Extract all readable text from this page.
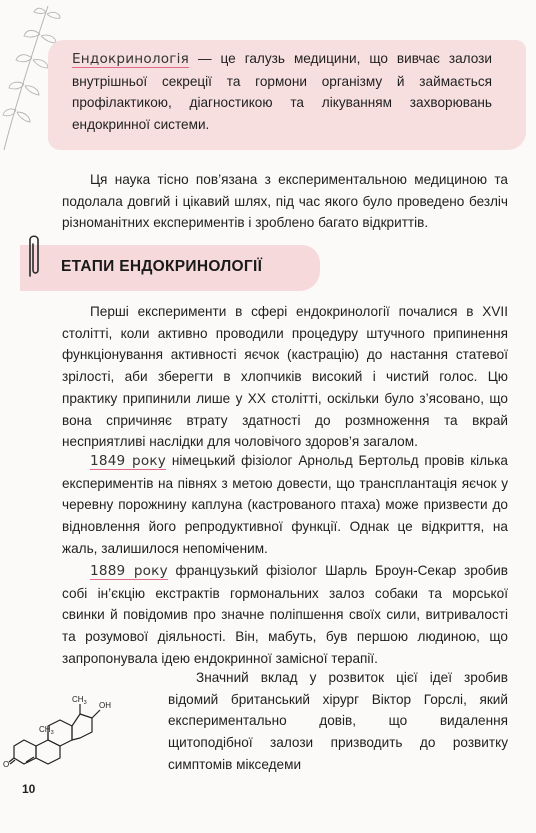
Ендокринологія — це галузь медицини, що вивчає залози внутрішньої секреції та гормони організму й займається профілактикою, діагностикою та лікуванням захворювань ендокринної системи.

Ця наука тісно пов’язана з експериментальною медициною та подолала довгий і цікавий шлях, під час якого було проведено безліч різноманітних експериментів і зроблено багато відкриттів.

ЕТАПИ ЕНДОКРИНОЛОГІЇ

Перші експерименти в сфері ендокринології почалися в XVII столітті, коли активно проводили процедуру штучного припинення функціонування активності яєчок (кастрацію) до настання статевої зрілості, аби зберегти в хлопчиків високий і чистий голос. Цю практику припинили лише у XX столітті, оскільки було з’ясовано, що вона спричиняє втрату здатності до розмноження та вкрай несприятливі наслідки для чоловічого здоров’я загалом.

1849 року німецький фізіолог Арнольд Бертольд провів кілька експериментів на півнях з метою довести, що трансплантація яєчок у черевну порожнину каплуна (кастрованого птаха) може призвести до відновлення його репродуктивної функції. Однак це відкриття, на жаль, залишилося непоміченим.

1889 року французький фізіолог Шарль Броун-Секар зробив собі ін’єкцію екстрактів гормональних залоз собаки та морської свинки й повідомив про значне поліпшення своїх сили, витривалості та розумової діяльності. Він, мабуть, був першою людиною, що запропонувала ідею ендокринної замісної терапії.

Значний вклад у розвиток цієї ідеї зробив відомий британський хірург Віктор Горслі, який експериментально довів, що видалення щитоподібної залози призводить до розвитку симптомів мікседеми

O
$CH_3$
$CH_3$ OH
10
